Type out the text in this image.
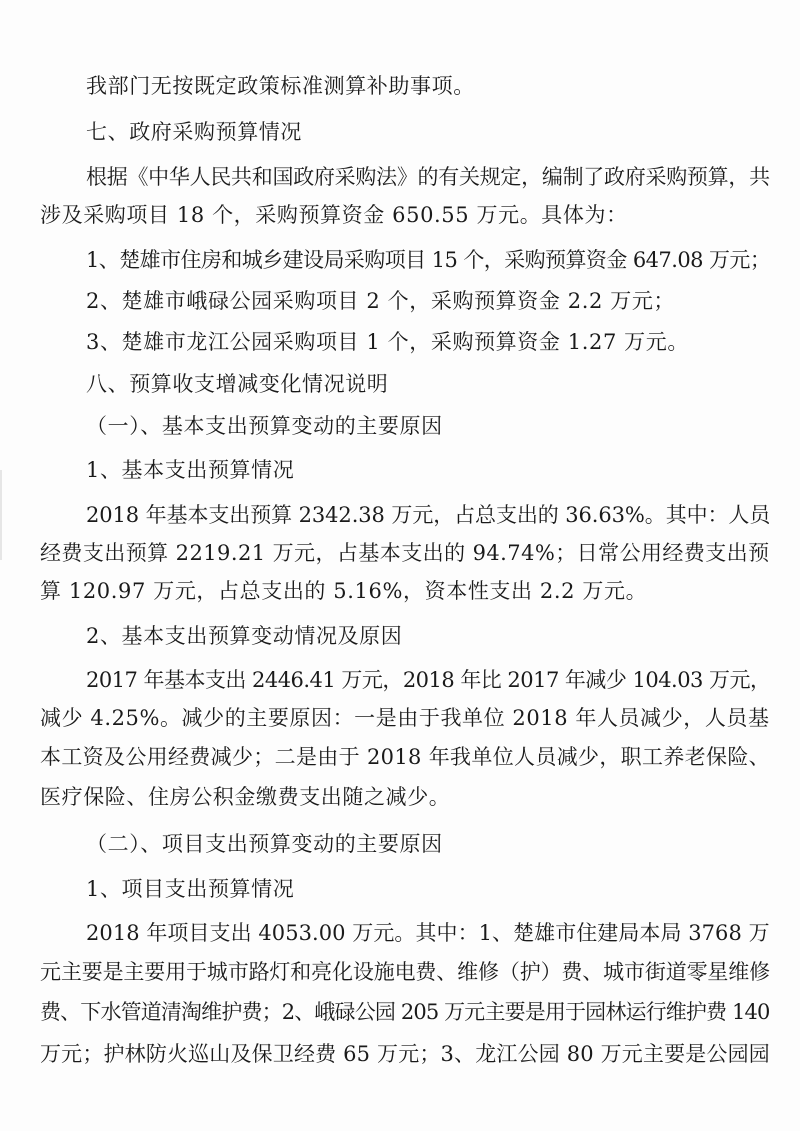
我部门无按既定政策标准测算补助事项。
七、政府采购预算情况
根据《中华人民共和国政府采购法》的有关规定，编制了政府采购预算，共
涉及采购项目 18 个，采购预算资金 650.55 万元。具体为：
1、楚雄市住房和城乡建设局采购项目 15 个，采购预算资金 647.08 万元；
2、楚雄市峨碌公园采购项目 2 个，采购预算资金 2.2 万元；
3、楚雄市龙江公园采购项目 1 个，采购预算资金 1.27 万元。
八、预算收支增减变化情况说明
（一）、基本支出预算变动的主要原因
1、基本支出预算情况
2018 年基本支出预算 2342.38 万元，占总支出的 36.63%。其中：人员
经费支出预算 2219.21 万元，占基本支出的 94.74%；日常公用经费支出预
算 120.97 万元，占总支出的 5.16%，资本性支出 2.2 万元。
2、基本支出预算变动情况及原因
2017 年基本支出 2446.41 万元，2018 年比 2017 年减少 104.03 万元，
减少 4.25%。减少的主要原因：一是由于我单位 2018 年人员减少，人员基
本工资及公用经费减少；二是由于 2018 年我单位人员减少，职工养老保险、
医疗保险、住房公积金缴费支出随之减少。
（二）、项目支出预算变动的主要原因
1、项目支出预算情况
2018 年项目支出 4053.00 万元。其中：1、楚雄市住建局本局 3768 万
元主要是主要用于城市路灯和亮化设施电费、维修（护）费、城市街道零星维修
费、下水管道清淘维护费；2、峨碌公园 205 万元主要是用于园林运行维护费 140
万元；护林防火巡山及保卫经费 65 万元；3、龙江公园 80 万元主要是公园园
